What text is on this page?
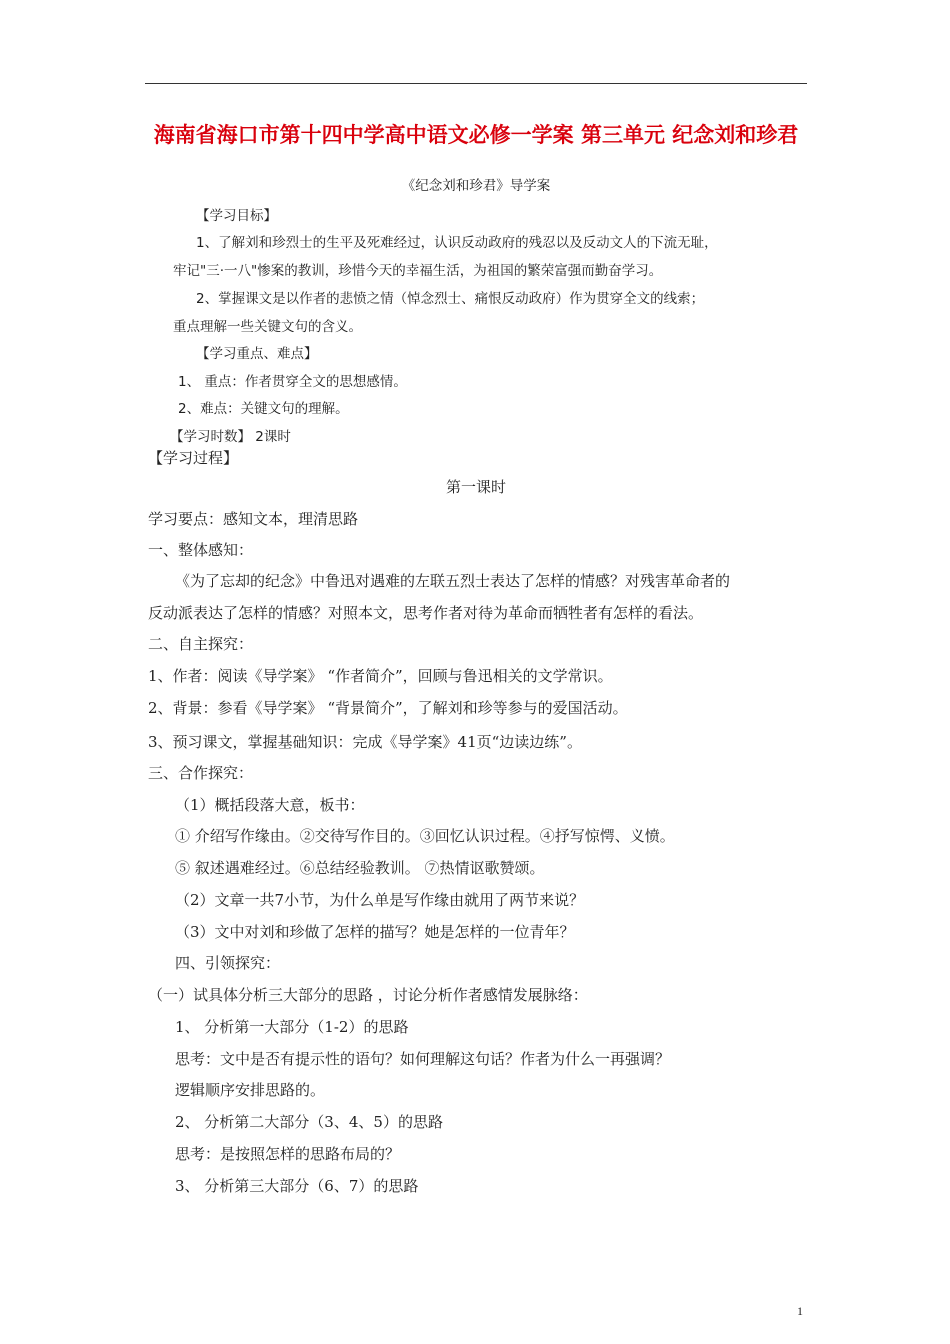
海南省海口市第十四中学高中语文必修一学案 第三单元 纪念刘和珍君
《纪念刘和珍君》导学案
【学习目标】
1、了解刘和珍烈士的生平及死难经过，认识反动政府的残忍以及反动文人的下流无耻，
牢记"三·一八"惨案的教训，珍惜今天的幸福生活，为祖国的繁荣富强而勤奋学习。
2、掌握课文是以作者的悲愤之情（悼念烈士、痛恨反动政府）作为贯穿全文的线索；
重点理解一些关键文句的含义。
【学习重点、难点】
1、 重点：作者贯穿全文的思想感情。
2、难点：关键文句的理解。
【学习时数】 2课时
【学习过程】
第一课时
学习要点：感知文本，理清思路
一、整体感知：
《为了忘却的纪念》中鲁迅对遇难的左联五烈士表达了怎样的情感？对残害革命者的
反动派表达了怎样的情感？对照本文，思考作者对待为革命而牺牲者有怎样的看法。
二、自主探究：
1、作者：阅读《导学案》 “作者简介”，回顾与鲁迅相关的文学常识。
2、背景：参看《导学案》 “背景简介”，了解刘和珍等参与的爱国活动。
3、预习课文，掌握基础知识：完成《导学案》41页“边读边练”。
三、合作探究：
（1）概括段落大意，板书：
① 介绍写作缘由。②交待写作目的。③回忆认识过程。④抒写惊愕、义愤。
⑤ 叙述遇难经过。⑥总结经验教训。 ⑦热情讴歌赞颂。
（2）文章一共7小节，为什么单是写作缘由就用了两节来说？
（3）文中对刘和珍做了怎样的描写？她是怎样的一位青年？
四、引领探究：
（一）试具体分析三大部分的思路 ，讨论分析作者感情发展脉络：
1、 分析第一大部分（1-2）的思路
思考：文中是否有提示性的语句？如何理解这句话？作者为什么一再强调？
逻辑顺序安排思路的。
2、 分析第二大部分（3、4、5）的思路
思考：是按照怎样的思路布局的？
3、 分析第三大部分（6、7）的思路
1
